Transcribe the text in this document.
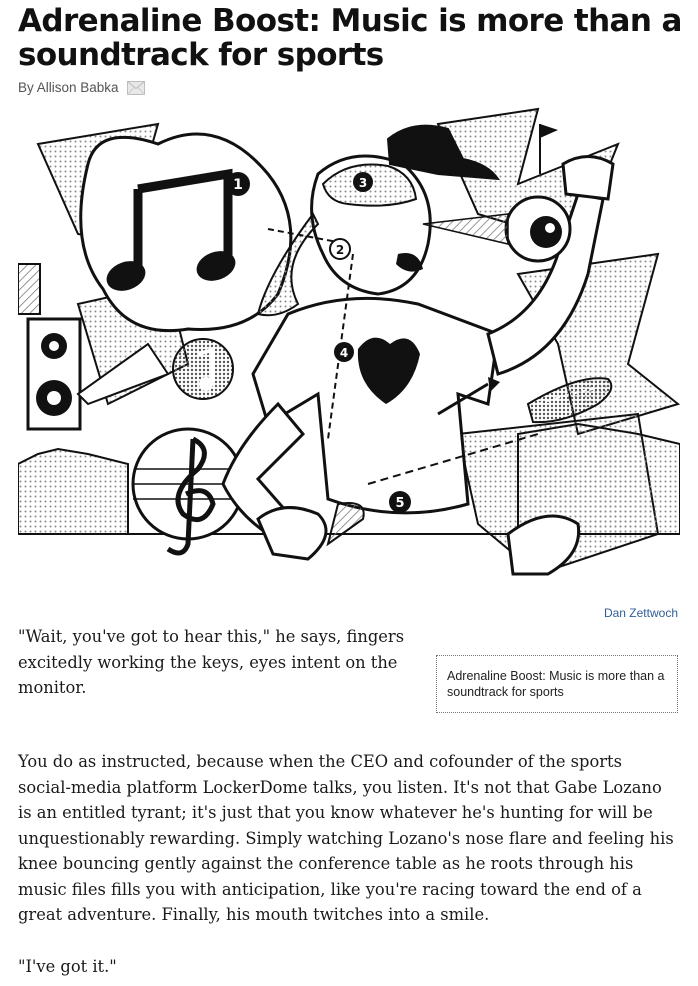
Adrenaline Boost: Music is more than a soundtrack for sports
By Allison Babka
1
2
3
4
5
Dan Zettwoch

"Wait, you've got to hear this," he says, fingers excitedly working the keys, eyes intent on the monitor.

Adrenaline Boost: Music is more than a soundtrack for sports

You do as instructed, because when the CEO and cofounder of the sports social-media platform LockerDome talks, you listen. It's not that Gabe Lozano is an entitled tyrant; it's just that you know whatever he's hunting for will be unquestionably rewarding. Simply watching Lozano's nose flare and feeling his knee bouncing gently against the conference table as he roots through his music files fills you with anticipation, like you're racing toward the end of a great adventure. Finally, his mouth twitches into a smile.

"I've got it."
